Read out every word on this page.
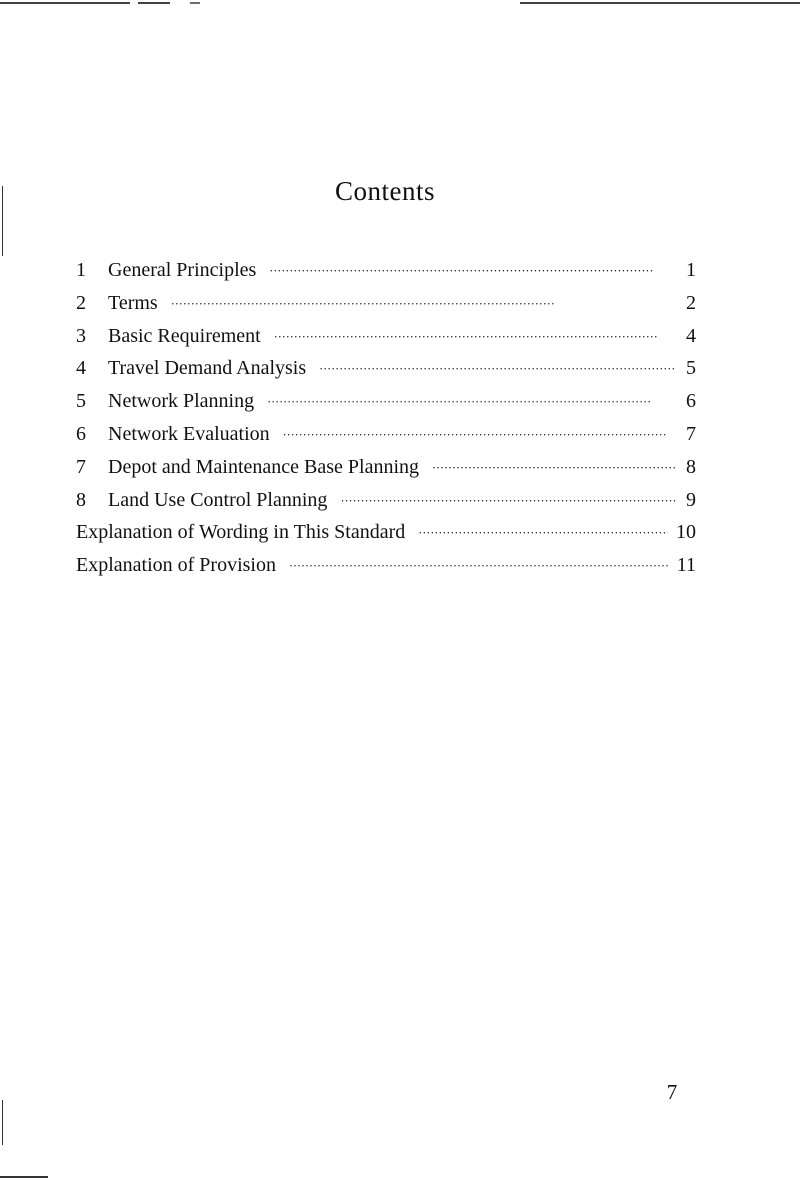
Contents
1	General Principles •••••	1
2	Terms •••••	2
3	Basic Requirement •••••	4
4	Travel Demand Analysis •••••	5
5	Network Planning •••••	6
6	Network Evaluation •••••	7
7	Depot and Maintenance Base Planning •••••	8
8	Land Use Control Planning •••••	9
Explanation of Wording in This Standard •••••	10
Explanation of Provision •••••	11
7
